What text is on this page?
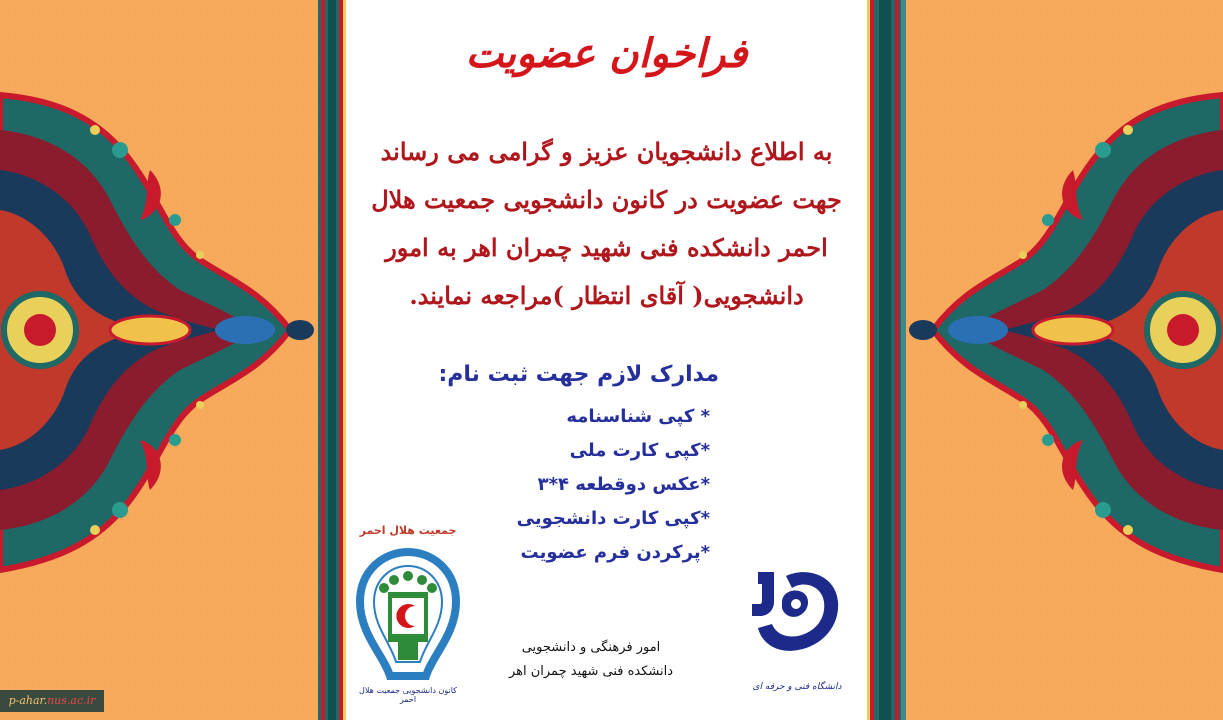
فراخوان عضویت
به اطلاع دانشجویان عزیز و گرامی می رساند
جهت عضویت در کانون دانشجویی جمعیت هلال
احمر دانشکده فنی شهید چمران اهر به امور
دانشجویی( آقای انتظار )مراجعه نمایند.
مدارک لازم جهت ثبت نام:
* کپی شناسنامه
*کپی کارت ملی
*عکس دوقطعه ۴*۳
*کپی کارت دانشجویی
*پرکردن فرم عضویت
جمعیت هلال احمر
کانون دانشجویی جمعیت هلال احمر
امور فرهنگی و دانشجویی
دانشکده فنی شهید چمران اهر
دانشگاه فنی و حرفه ای
p-ahar.nus.ac.ir
